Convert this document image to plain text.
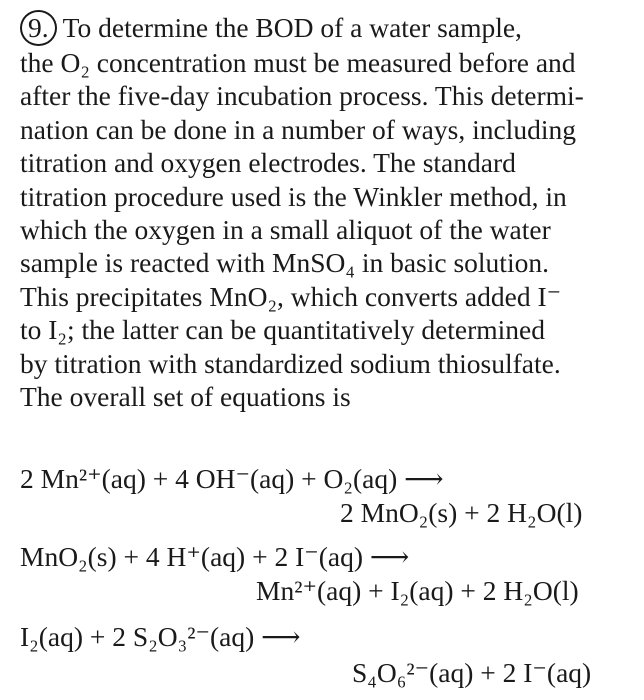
9. To determine the BOD of a water sample,
the O₂ concentration must be measured before and
after the five-day incubation process. This determi-
nation can be done in a number of ways, including
titration and oxygen electrodes. The standard
titration procedure used is the Winkler method, in
which the oxygen in a small aliquot of the water
sample is reacted with MnSO₄ in basic solution.
This precipitates MnO₂, which converts added I⁻
to I₂; the latter can be quantitatively determined
by titration with standardized sodium thiosulfate.
The overall set of equations is
2 Mn²⁺(aq) + 4 OH⁻(aq) + O₂(aq) ⟶
2 MnO₂(s) + 2 H₂O(l)
MnO₂(s) + 4 H⁺(aq) + 2 I⁻(aq) ⟶
Mn²⁺(aq) + I₂(aq) + 2 H₂O(l)
I₂(aq) + 2 S₂O₃²⁻(aq) ⟶
S₄O₆²⁻(aq) + 2 I⁻(aq)
